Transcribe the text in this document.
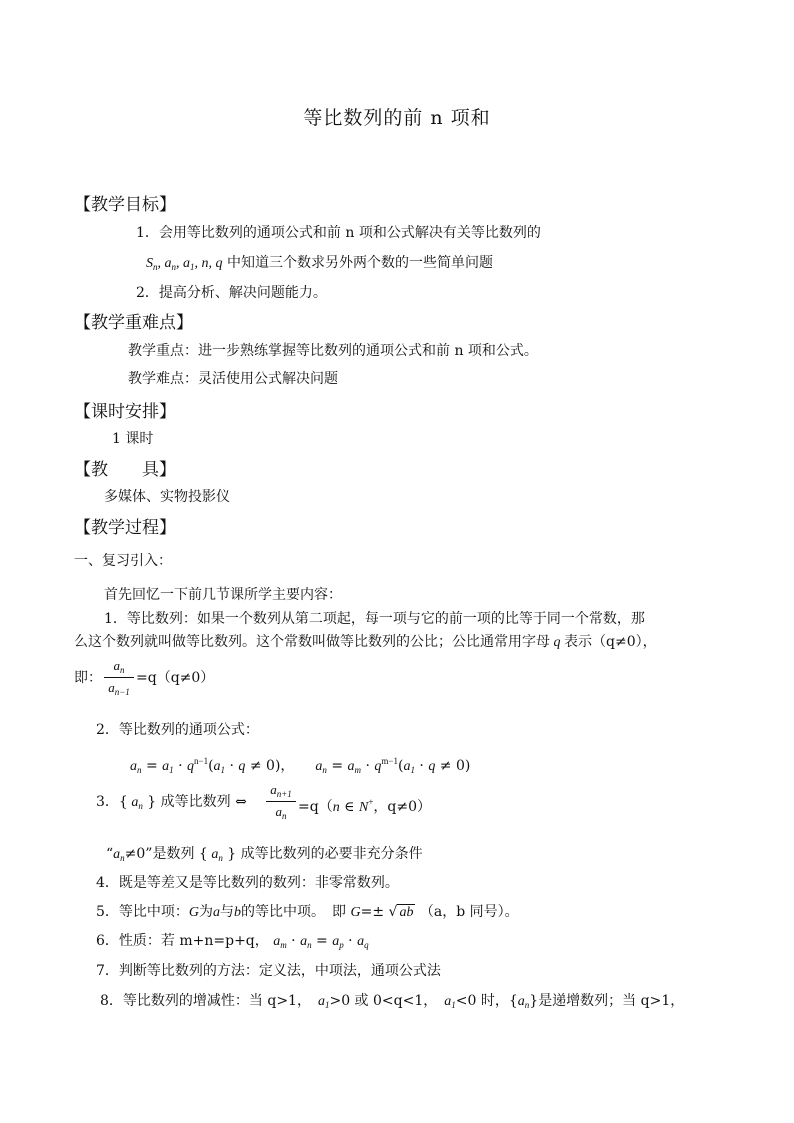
等比数列的前 n 项和
【教学目标】
1．会用等比数列的通项公式和前 n 项和公式解决有关等比数列的
$S_n$, $a_n$, $a_1$, n, q 中知道三个数求另外两个数的一些简单问题
2．提高分析、解决问题能力。
【教学重难点】
教学重点：进一步熟练掌握等比数列的通项公式和前 n 项和公式。
教学难点：灵活使用公式解决问题
【课时安排】
1 课时
【教　　具】
多媒体、实物投影仪
【教学过程】
一、复习引入：
首先回忆一下前几节课所学主要内容：
1．等比数列：如果一个数列从第二项起，每一项与它的前一项的比等于同一个常数，那
么这个数列就叫做等比数列。这个常数叫做等比数列的公比；公比通常用字母 q 表示（q≠0），
即：
$a_n$
$a_{n-1}$
=q（q≠0）
2．等比数列的通项公式：
$a_n = a_1 \cdot q^{n-1}(a_1 \cdot q \ne 0)$，　　$a_n = a_m \cdot q^{m-1}(a_1 \cdot q \ne 0)$
3．{ $a_n$ } 成等比数列 ⇔
$a_{n+1}$
$a_n$
=q（n ∈ N+，q≠0）
“$a_n\ne 0$”是数列 { $a_n$ } 成等比数列的必要非充分条件
4．既是等差又是等比数列的数列：非零常数列。
5．等比中项：G为a与b的等比中项。　即 G=± √ ab （a，b 同号）。
6．性质：若 m+n=p+q， $a_m \cdot a_n = a_p \cdot a_q$
7．判断等比数列的方法：定义法，中项法，通项公式法
8．等比数列的增减性：当 q>1，　 $a_1>0$ 或 0<q<1，　 $a_1<0$ 时，$\{a_n\}$是递增数列；当 q>1，
